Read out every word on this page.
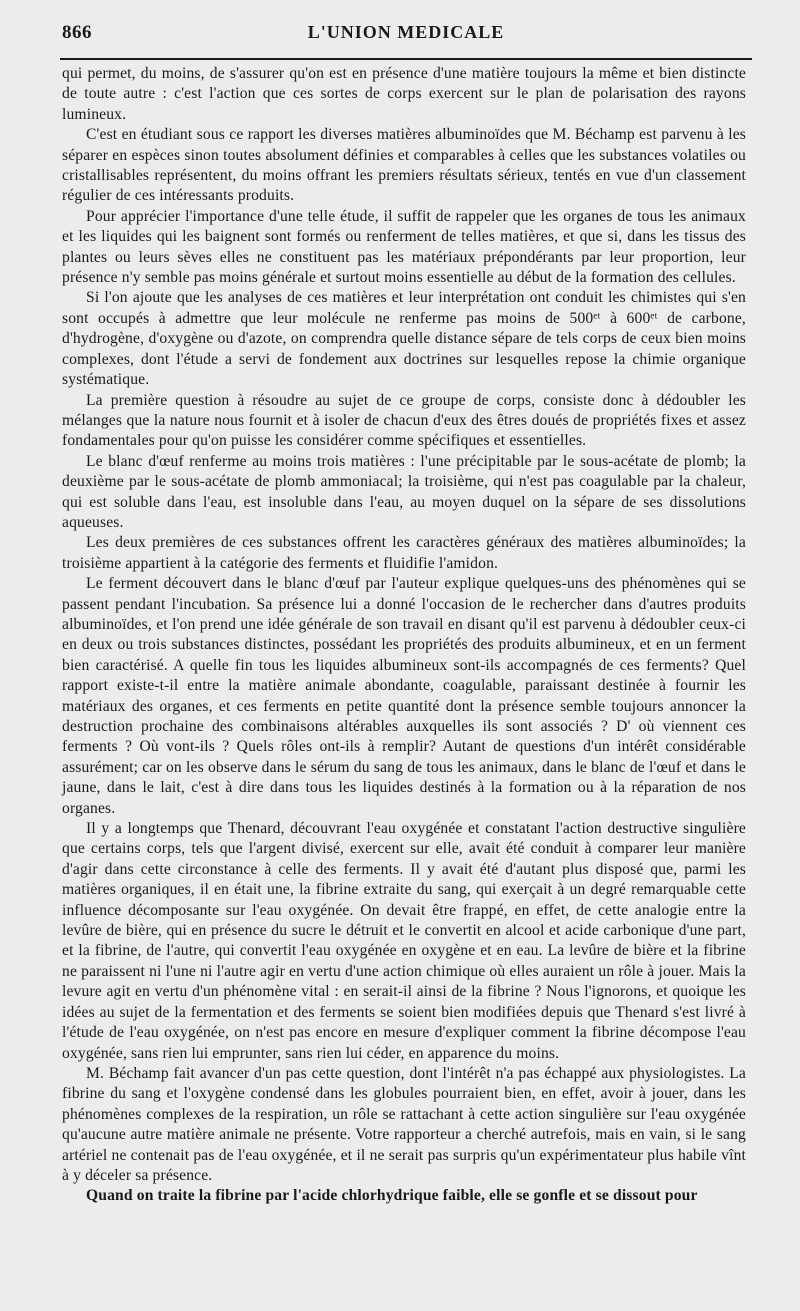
866	L'UNION MEDICALE

qui permet, du moins, de s'assurer qu'on est en présence d'une matière toujours la même et bien distincte de toute autre : c'est l'action que ces sortes de corps exercent sur le plan de polarisation des rayons lumineux.

C'est en étudiant sous ce rapport les diverses matières albuminoïdes que M. Béchamp est parvenu à les séparer en espèces sinon toutes absolument définies et comparables à celles que les substances volatiles ou cristallisables représentent, du moins offrant les premiers résultats sérieux, tentés en vue d'un classement régulier de ces intéressants produits.

Pour apprécier l'importance d'une telle étude, il suffit de rappeler que les organes de tous les animaux et les liquides qui les baignent sont formés ou renferment de telles matières, et que si, dans les tissus des plantes ou leurs sèves elles ne constituent pas les matériaux prépondérants par leur proportion, leur présence n'y semble pas moins générale et surtout moins essentielle au début de la formation des cellules.

Si l'on ajoute que les analyses de ces matières et leur interprétation ont conduit les chimistes qui s'en sont occupés à admettre que leur molécule ne renferme pas moins de 500ᵉᵗ à 600ᵉᵗ de carbone, d'hydrogène, d'oxygène ou d'azote, on comprendra quelle distance sépare de tels corps de ceux bien moins complexes, dont l'étude a servi de fondement aux doctrines sur lesquelles repose la chimie organique systématique.

La première question à résoudre au sujet de ce groupe de corps, consiste donc à dédoubler les mélanges que la nature nous fournit et à isoler de chacun d'eux des êtres doués de propriétés fixes et assez fondamentales pour qu'on puisse les considérer comme spécifiques et essentielles.

Le blanc d'œuf renferme au moins trois matières : l'une précipitable par le sous-acétate de plomb; la deuxième par le sous-acétate de plomb ammoniacal; la troisième, qui n'est pas coagulable par la chaleur, qui est soluble dans l'eau, est insoluble dans l'eau, au moyen duquel on la sépare de ses dissolutions aqueuses.

Les deux premières de ces substances offrent les caractères généraux des matières albuminoïdes; la troisième appartient à la catégorie des ferments et fluidifie l'amidon.

Le ferment découvert dans le blanc d'œuf par l'auteur explique quelques-uns des phénomènes qui se passent pendant l'incubation. Sa présence lui a donné l'occasion de le rechercher dans d'autres produits albuminoïdes, et l'on prend une idée générale de son travail en disant qu'il est parvenu à dédoubler ceux-ci en deux ou trois substances distinctes, possédant les propriétés des produits albumineux, et en un ferment bien caractérisé. A quelle fin tous les liquides albumineux sont-ils accompagnés de ces ferments? Quel rapport existe-t-il entre la matière animale abondante, coagulable, paraissant destinée à fournir les matériaux des organes, et ces ferments en petite quantité dont la présence semble toujours annoncer la destruction prochaine des combinaisons altérables auxquelles ils sont associés ? D' où viennent ces ferments ? Où vont-ils ? Quels rôles ont-ils à remplir? Autant de questions d'un intérêt considérable assurément; car on les observe dans le sérum du sang de tous les animaux, dans le blanc de l'œuf et dans le jaune, dans le lait, c'est à dire dans tous les liquides destinés à la formation ou à la réparation de nos organes.

Il y a longtemps que Thenard, découvrant l'eau oxygénée et constatant l'action destructive singulière que certains corps, tels que l'argent divisé, exercent sur elle, avait été conduit à comparer leur manière d'agir dans cette circonstance à celle des ferments. Il y avait été d'autant plus disposé que, parmi les matières organiques, il en était une, la fibrine extraite du sang, qui exerçait à un degré remarquable cette influence décomposante sur l'eau oxygénée. On devait être frappé, en effet, de cette analogie entre la levûre de bière, qui en présence du sucre le détruit et le convertit en alcool et acide carbonique d'une part, et la fibrine, de l'autre, qui convertit l'eau oxygénée en oxygène et en eau. La levûre de bière et la fibrine ne paraissent ni l'une ni l'autre agir en vertu d'une action chimique où elles auraient un rôle à jouer. Mais la levure agit en vertu d'un phénomène vital : en serait-il ainsi de la fibrine ? Nous l'ignorons, et quoique les idées au sujet de la fermentation et des ferments se soient bien modifiées depuis que Thenard s'est livré à l'étude de l'eau oxygénée, on n'est pas encore en mesure d'expliquer comment la fibrine décompose l'eau oxygénée, sans rien lui emprunter, sans rien lui céder, en apparence du moins.

M. Béchamp fait avancer d'un pas cette question, dont l'intérêt n'a pas échappé aux physiologistes. La fibrine du sang et l'oxygène condensé dans les globules pourraient bien, en effet, avoir à jouer, dans les phénomènes complexes de la respiration, un rôle se rattachant à cette action singulière sur l'eau oxygénée qu'aucune autre matière animale ne présente. Votre rapporteur a cherché autrefois, mais en vain, si le sang artériel ne contenait pas de l'eau oxygénée, et il ne serait pas surpris qu'un expérimentateur plus habile vînt à y déceler sa présence.

Quand on traite la fibrine par l'acide chlorhydrique faible, elle se gonfle et se dissout pour
